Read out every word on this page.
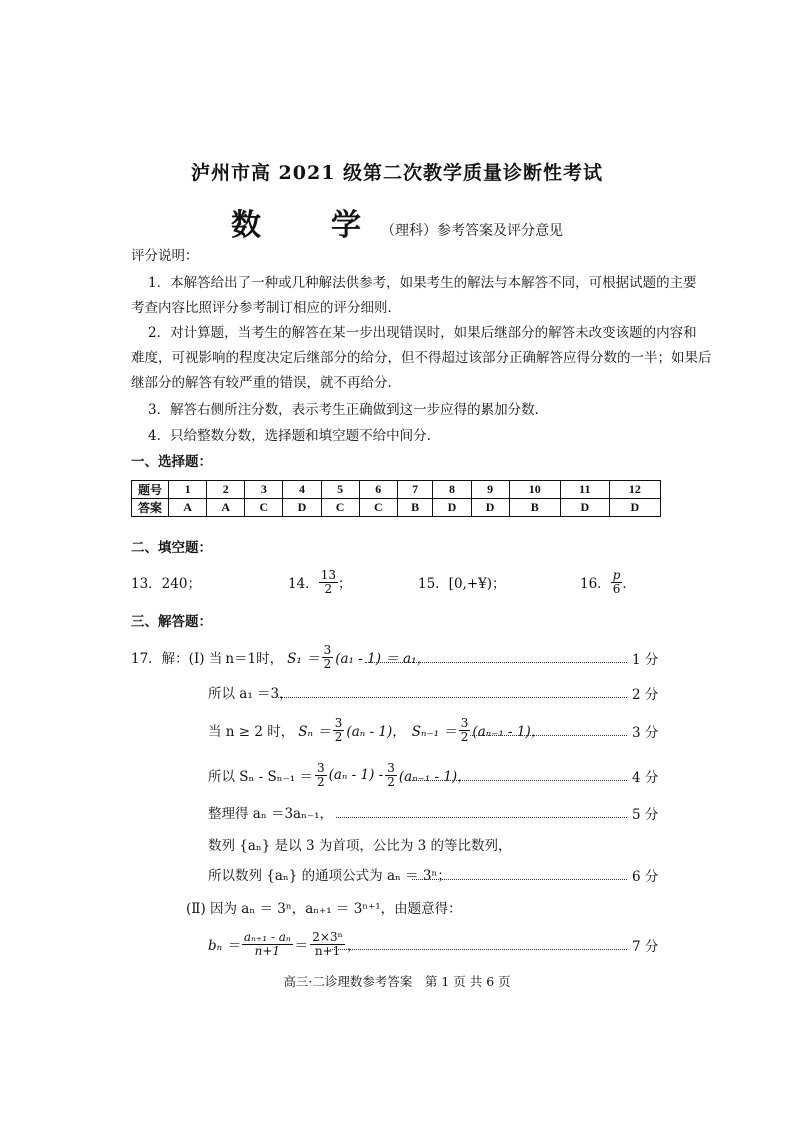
泸州市高 2021 级第二次教学质量诊断性考试
数　学（理科）参考答案及评分意见
评分说明：
1．本解答给出了一种或几种解法供参考，如果考生的解法与本解答不同，可根据试题的主要
考查内容比照评分参考制订相应的评分细则．
2．对计算题，当考生的解答在某一步出现错误时，如果后继部分的解答未改变该题的内容和
难度，可视影响的程度决定后继部分的给分，但不得超过该部分正确解答应得分数的一半；如果后
继部分的解答有较严重的错误，就不再给分．
3．解答右侧所注分数，表示考生正确做到这一步应得的累加分数．
4．只给整数分数，选择题和填空题不给中间分．
一、选择题：
题号	1	2	3	4	5	6	7	8	9	10	11	12
答案	A	A	C	D	C	C	B	D	D	B	D	D
二、填空题：
13．240；	14． $\frac{13}{2}$ ；	15．[0,+¥)；	16． $\frac{p}{6}$ ．
三、解答题：
17．解：(Ⅰ) 当 n＝1时， $S_1 = \frac{3}{2} (a_1 - 1) = a_1$，	1 分
所以 a₁ ＝3，	2 分
当 n ≥ 2 时， $S_n = \frac{3}{2} (a_n - 1)$， $S_{n-1} = \frac{3}{2} (a_{n-1} - 1)$，	3 分
所以 $S_n - S_{n-1} = \frac{3}{2} (a_n - 1) - \frac{3}{2} (a_{n-1} - 1)$，	4 分
整理得 aₙ ＝3aₙ₋₁，	5 分
数列 {aₙ} 是以 3 为首项，公比为 3 的等比数列，
所以数列 {aₙ} 的通项公式为 aₙ ＝ 3ⁿ；	6 分
(Ⅱ) 因为 aₙ ＝ 3ⁿ，aₙ₊₁ ＝ 3ⁿ⁺¹，由题意得：
$b_n = \frac{\text{aₙ₊₁ - aₙ}}{n+1} = \frac{\text{2×3ⁿ}}{n+1}$ ，	7 分
高三·二诊理数参考答案　第 1 页 共 6 页
